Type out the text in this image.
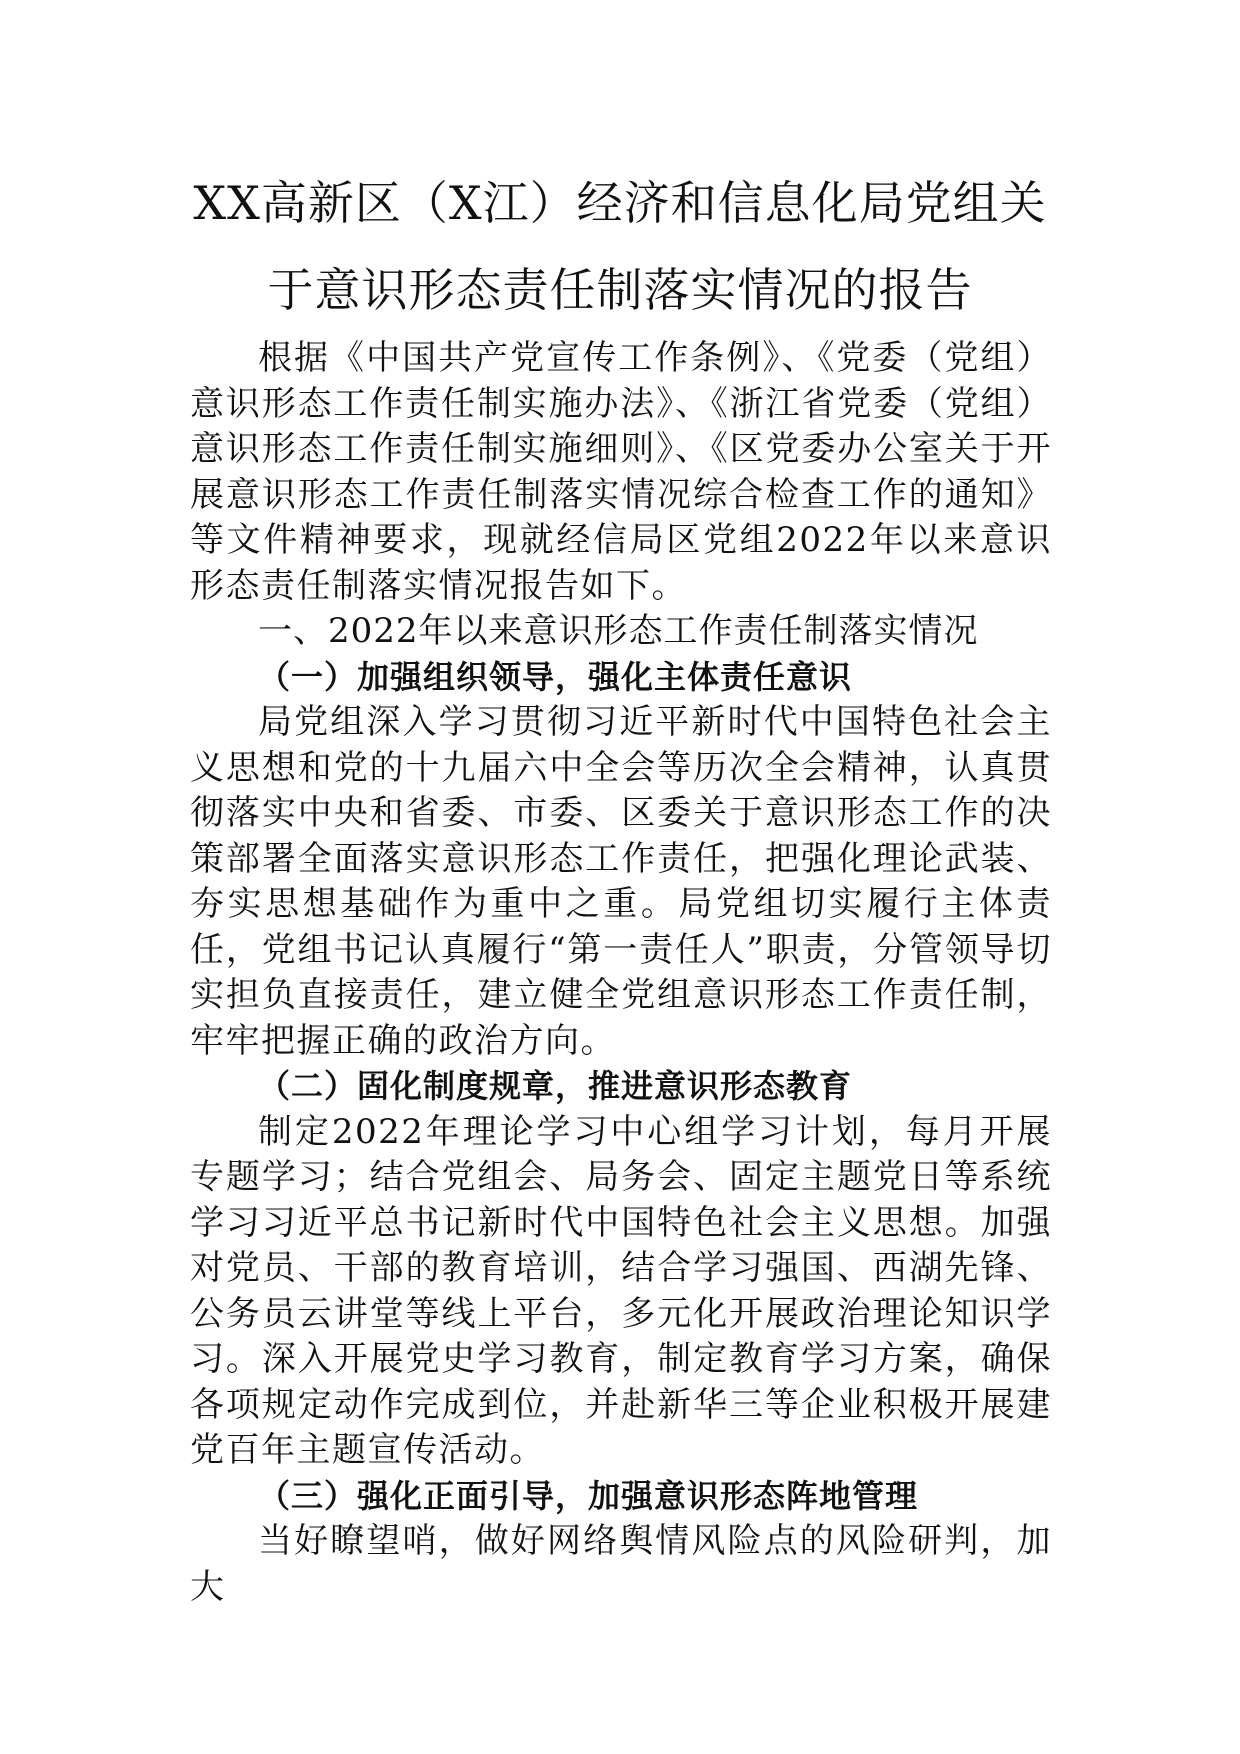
XX高新区（X江）经济和信息化局党组关
于意识形态责任制落实情况的报告

根据《中国共产党宣传工作条例》、《党委（党组）意识形态工作责任制实施办法》、《浙江省党委（党组）意识形态工作责任制实施细则》、《区党委办公室关于开展意识形态工作责任制落实情况综合检查工作的通知》等文件精神要求，现就经信局区党组2022年以来意识形态责任制落实情况报告如下。

一、2022年以来意识形态工作责任制落实情况

（一）加强组织领导，强化主体责任意识

局党组深入学习贯彻习近平新时代中国特色社会主义思想和党的十九届六中全会等历次全会精神，认真贯彻落实中央和省委、市委、区委关于意识形态工作的决策部署全面落实意识形态工作责任，把强化理论武装、夯实思想基础作为重中之重。局党组切实履行主体责任，党组书记认真履行“第一责任人”职责，分管领导切实担负直接责任，建立健全党组意识形态工作责任制，牢牢把握正确的政治方向。

（二）固化制度规章，推进意识形态教育

制定2022年理论学习中心组学习计划，每月开展专题学习；结合党组会、局务会、固定主题党日等系统学习习近平总书记新时代中国特色社会主义思想。加强对党员、干部的教育培训，结合学习强国、西湖先锋、公务员云讲堂等线上平台，多元化开展政治理论知识学习。深入开展党史学习教育，制定教育学习方案，确保各项规定动作完成到位，并赴新华三等企业积极开展建党百年主题宣传活动。

（三）强化正面引导，加强意识形态阵地管理

当好瞭望哨，做好网络舆情风险点的风险研判，加大
